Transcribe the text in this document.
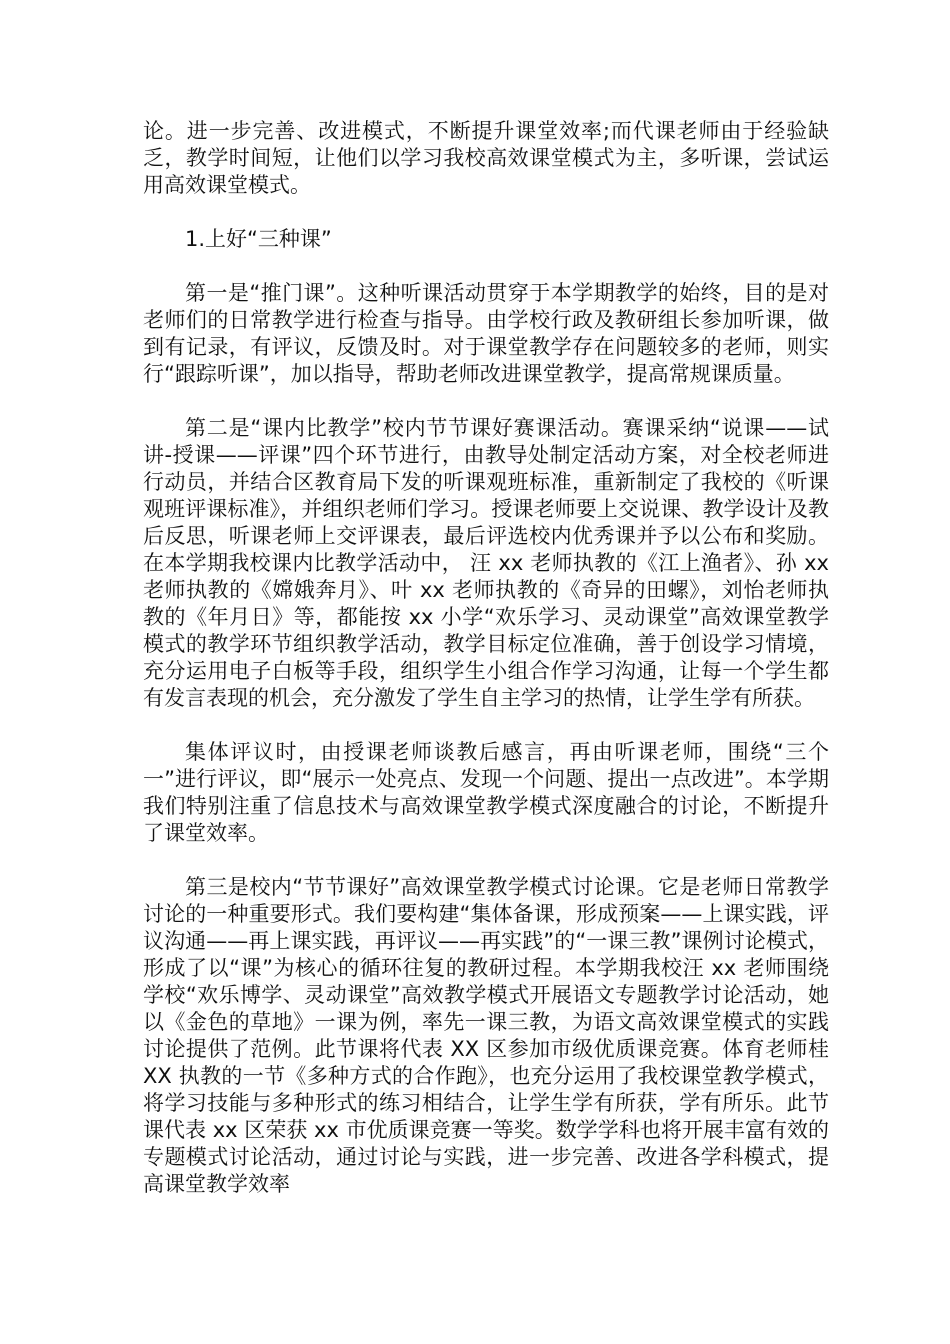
论。进一步完善、改进模式，不断提升课堂效率;而代课老师由于经验缺乏，教学时间短，让他们以学习我校高效课堂模式为主，多听课，尝试运用高效课堂模式。

1.上好“三种课”

第一是“推门课”。这种听课活动贯穿于本学期教学的始终，目的是对老师们的日常教学进行检查与指导。由学校行政及教研组长参加听课，做到有记录，有评议，反馈及时。对于课堂教学存在问题较多的老师，则实行“跟踪听课”，加以指导，帮助老师改进课堂教学，提高常规课质量。

第二是“课内比教学”校内节节课好赛课活动。赛课采纳“说课——试讲-授课——评课”四个环节进行，由教导处制定活动方案，对全校老师进行动员，并结合区教育局下发的听课观班标准，重新制定了我校的《听课观班评课标准》，并组织老师们学习。授课老师要上交说课、教学设计及教后反思，听课老师上交评课表，最后评选校内优秀课并予以公布和奖励。在本学期我校课内比教学活动中， 汪 xx 老师执教的《江上渔者》、孙 xx 老师执教的《嫦娥奔月》、叶 xx 老师执教的《奇异的田螺》，刘怡老师执教的《年月日》等，都能按 xx 小学“欢乐学习、灵动课堂”高效课堂教学模式的教学环节组织教学活动，教学目标定位准确，善于创设学习情境，充分运用电子白板等手段，组织学生小组合作学习沟通，让每一个学生都有发言表现的机会，充分激发了学生自主学习的热情，让学生学有所获。

集体评议时，由授课老师谈教后感言，再由听课老师，围绕“三个一”进行评议，即“展示一处亮点、发现一个问题、提出一点改进”。本学期我们特别注重了信息技术与高效课堂教学模式深度融合的讨论，不断提升了课堂效率。

第三是校内“节节课好”高效课堂教学模式讨论课。它是老师日常教学讨论的一种重要形式。我们要构建“集体备课，形成预案——上课实践，评议沟通——再上课实践，再评议——再实践”的“一课三教”课例讨论模式，形成了以“课”为核心的循环往复的教研过程。本学期我校汪 xx 老师围绕学校“欢乐博学、灵动课堂”高效教学模式开展语文专题教学讨论活动，她以《金色的草地》一课为例，率先一课三教，为语文高效课堂模式的实践讨论提供了范例。此节课将代表 XX 区参加市级优质课竞赛。体育老师桂 XX 执教的一节《多种方式的合作跑》，也充分运用了我校课堂教学模式，将学习技能与多种形式的练习相结合，让学生学有所获，学有所乐。此节课代表 xx 区荣获 xx 市优质课竞赛一等奖。数学学科也将开展丰富有效的专题模式讨论活动，通过讨论与实践，进一步完善、改进各学科模式，提高课堂教学效率
